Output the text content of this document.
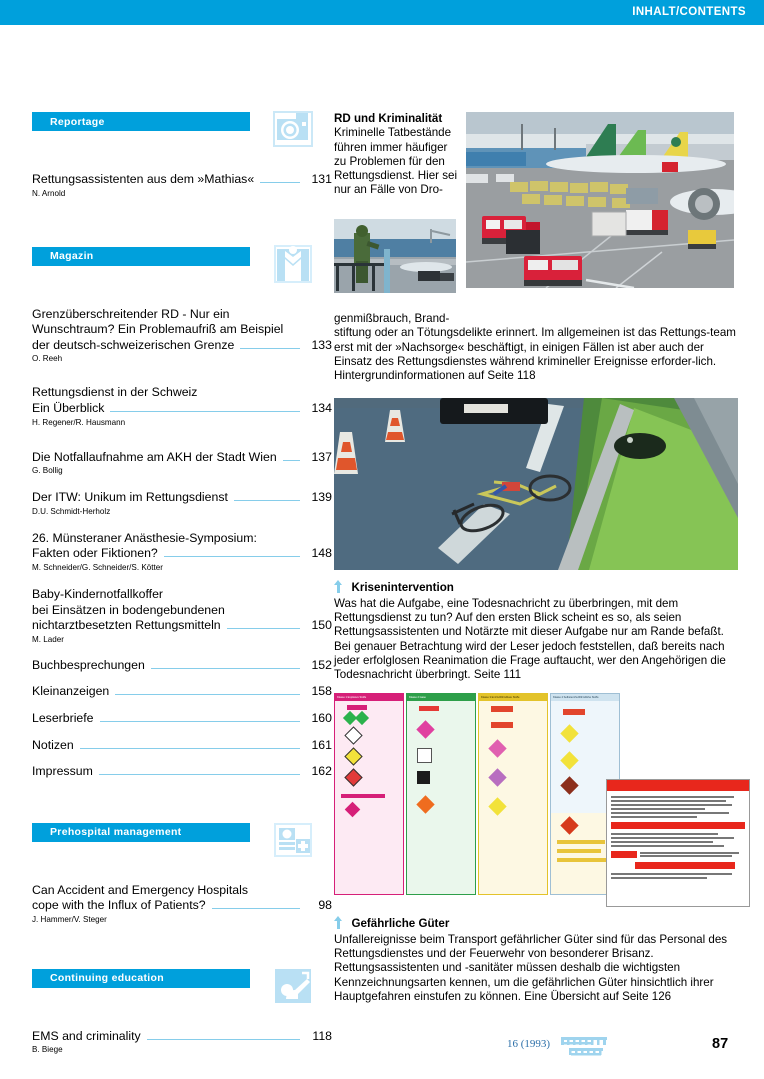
INHALT/CONTENTS
Reportage
Rettungsassistenten aus dem »Mathias«	131
N. Arnold
Magazin
Grenzüberschreitender RD - Nur ein
Wunschtraum? Ein Problemaufriß am Beispiel
der deutsch-schweizerischen Grenze	133
O. Reeh
Rettungsdienst in der Schweiz
Ein Überblick	134
H. Regener/R. Hausmann
Die Notfallaufnahme am AKH der Stadt Wien	137
G. Bollig
Der ITW: Unikum im Rettungsdienst	139
D.U. Schmidt-Herholz
26. Münsteraner Anästhesie-Symposium:
Fakten oder Fiktionen?	148
M. Schneider/G. Schneider/S. Kötter
Baby-Kindernotfallkoffer
bei Einsätzen in bodengebundenen
nichtarztbesetzten Rettungsmitteln	150
M. Lader
Buchbesprechungen	152
Kleinanzeigen	158
Leserbriefe	160
Notizen	161
Impressum	162
Prehospital management
Can Accident and Emergency Hospitals
cope with the Influx of Patients?	98
J. Hammer/V. Steger
Continuing education
EMS and criminality	118
B. Biege
RD und Kriminalität Kriminelle Tatbestände führen immer häufiger zu Problemen für den Rettungsdienst. Hier sei nur an Fälle von Dro-
genmißbrauch, Brand-
stiftung oder an Tötungsdelikte erinnert. Im allgemeinen ist das Rettungs-team erst mit der »Nachsorge« beschäftigt, in einigen Fällen ist aber auch der Einsatz des Rettungsdienstes während krimineller Ereignisse erforder-lich. Hintergrundinformationen auf Seite 118
Krisenintervention
Was hat die Aufgabe, eine Todesnachricht zu überbringen, mit dem Rettungsdienst zu tun? Auf den ersten Blick scheint es so, als seien Rettungsassistenten und Notärzte mit dieser Aufgabe nur am Rande befaßt. Bei genauer Betrachtung wird der Leser jedoch feststellen, daß bereits nach jeder erfolglosen Reanimation die Frage auftaucht, wer den Angehörigen die Todesnachricht überbringt. Seite 111
Klasse 1 Explosive Stoffe	Klasse 2 Gase	Klasse 3 Entz\u00fcndbare Stoffe	Klasse 4 Selbstentz\u00fcndliche Stoffe
Gefährliche Güter
Unfallereignisse beim Transport gefährlicher Güter sind für das Personal des Rettungsdienstes und der Feuerwehr von besonderer Brisanz. Rettungsassistenten und -sanitäter müssen deshalb die wichtigsten Kennzeichnungsarten kennen, um die gefährlichen Güter hinsichtlich ihrer Hauptgefahren einstufen zu können. Eine Übersicht auf Seite 126
16 (1993)	87
